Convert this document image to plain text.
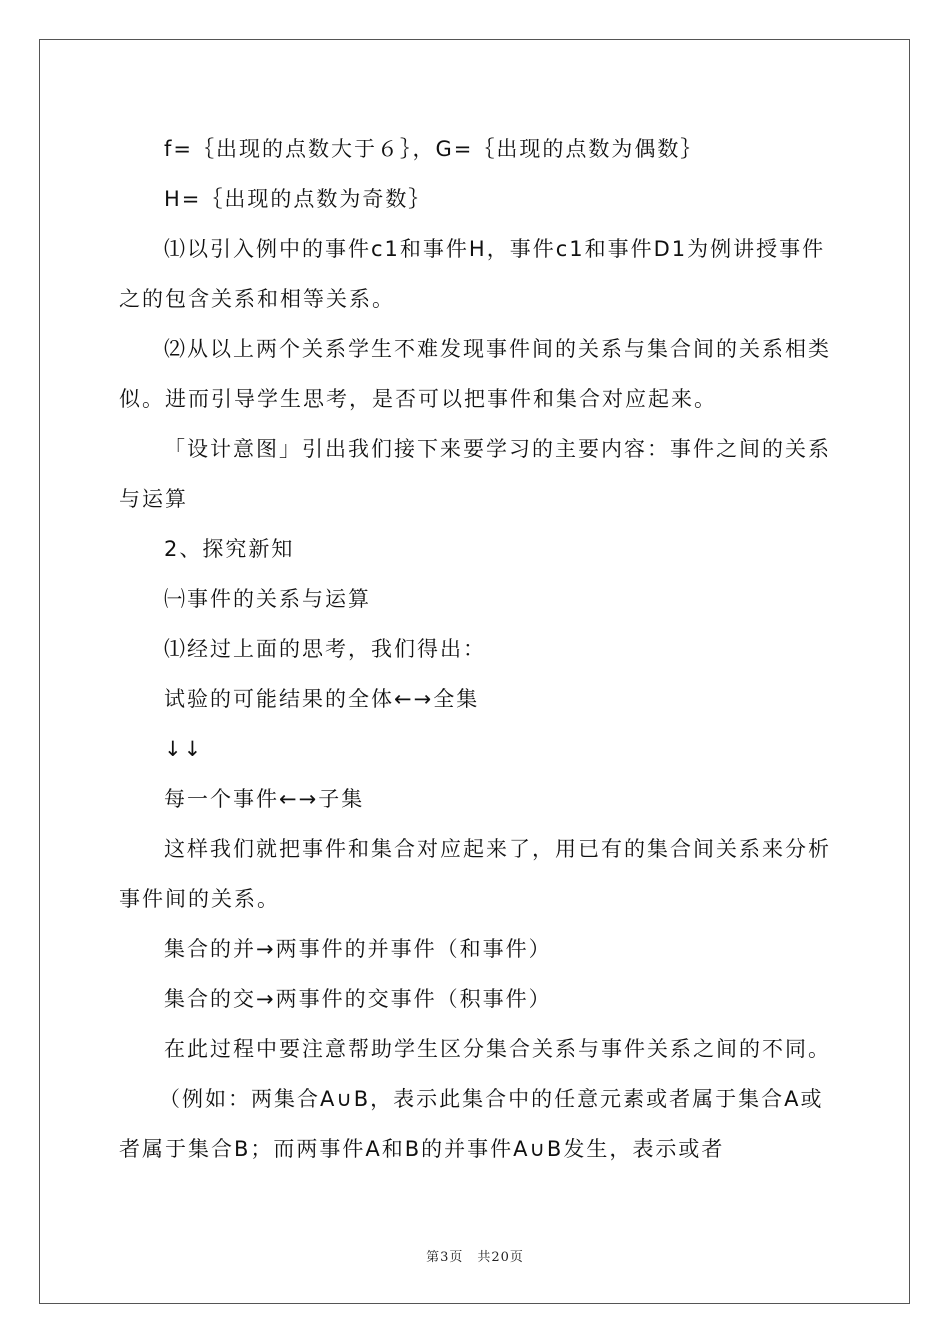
f=｛出现的点数大于６｝，G=｛出现的点数为偶数｝

H=｛出现的点数为奇数｝

⑴以引入例中的事件c1和事件H，事件c1和事件D1为例讲授事件之的包含关系和相等关系。

⑵从以上两个关系学生不难发现事件间的关系与集合间的关系相类似。进而引导学生思考，是否可以把事件和集合对应起来。

「设计意图」引出我们接下来要学习的主要内容：事件之间的关系与运算

2、探究新知

㈠事件的关系与运算

⑴经过上面的思考，我们得出：

试验的可能结果的全体←→全集

↓↓

每一个事件←→子集

这样我们就把事件和集合对应起来了，用已有的集合间关系来分析事件间的关系。

集合的并→两事件的并事件（和事件）

集合的交→两事件的交事件（积事件）

在此过程中要注意帮助学生区分集合关系与事件关系之间的不同。

（例如：两集合A∪B，表示此集合中的任意元素或者属于集合A或者属于集合B；而两事件A和B的并事件A∪B发生，表示或者

第3页　共20页
